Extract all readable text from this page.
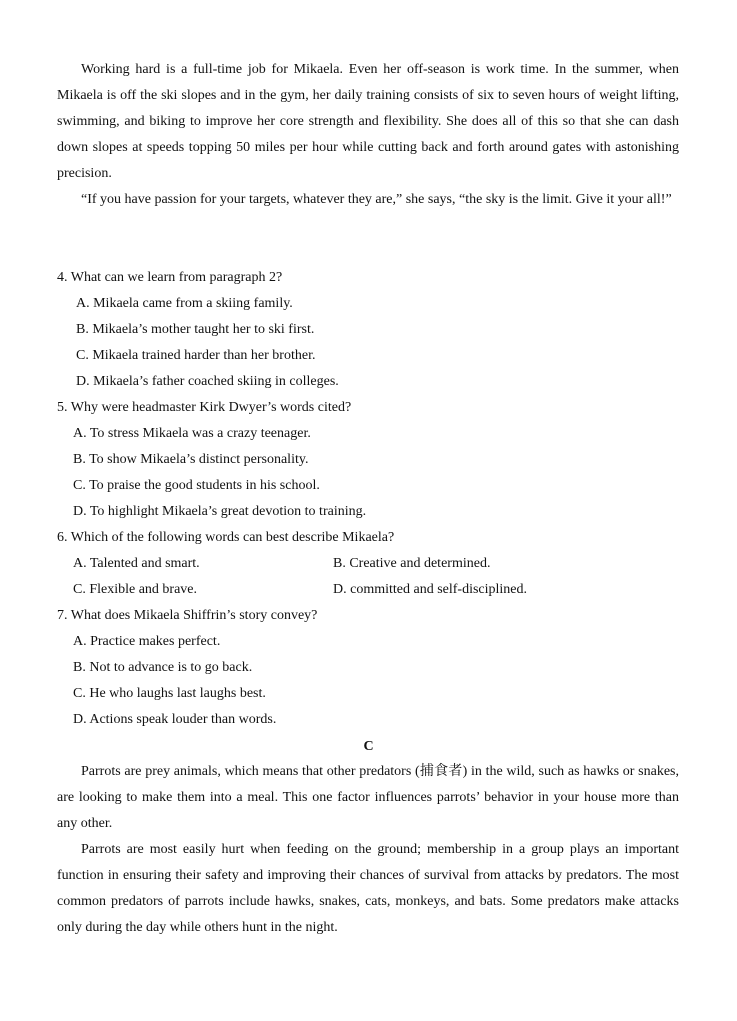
Working hard is a full-time job for Mikaela. Even her off-season is work time. In the summer, when Mikaela is off the ski slopes and in the gym, her daily training consists of six to seven hours of weight lifting, swimming, and biking to improve her core strength and flexibility. She does all of this so that she can dash down slopes at speeds topping 50 miles per hour while cutting back and forth around gates with astonishing precision.

“If you have passion for your targets, whatever they are,” she says, “the sky is the limit. Give it your all!”

4. What can we learn from paragraph 2?
A. Mikaela came from a skiing family.
B. Mikaela’s mother taught her to ski first.
C. Mikaela trained harder than her brother.
D. Mikaela’s father coached skiing in colleges.
5. Why were headmaster Kirk Dwyer’s words cited?
A. To stress Mikaela was a crazy teenager.
B. To show Mikaela’s distinct personality.
C. To praise the good students in his school.
D. To highlight Mikaela’s great devotion to training.
6. Which of the following words can best describe Mikaela?
A. Talented and smart.	B. Creative and determined.
C. Flexible and brave.	D. committed and self-disciplined.
7. What does Mikaela Shiffrin’s story convey?
A. Practice makes perfect.
B. Not to advance is to go back.
C. He who laughs last laughs best.
D. Actions speak louder than words.
C

Parrots are prey animals, which means that other predators (捕食者) in the wild, such as hawks or snakes, are looking to make them into a meal. This one factor influences parrots’ behavior in your house more than any other.

Parrots are most easily hurt when feeding on the ground; membership in a group plays an important function in ensuring their safety and improving their chances of survival from attacks by predators. The most common predators of parrots include hawks, snakes, cats, monkeys, and bats. Some predators make attacks only during the day while others hunt in the night.
